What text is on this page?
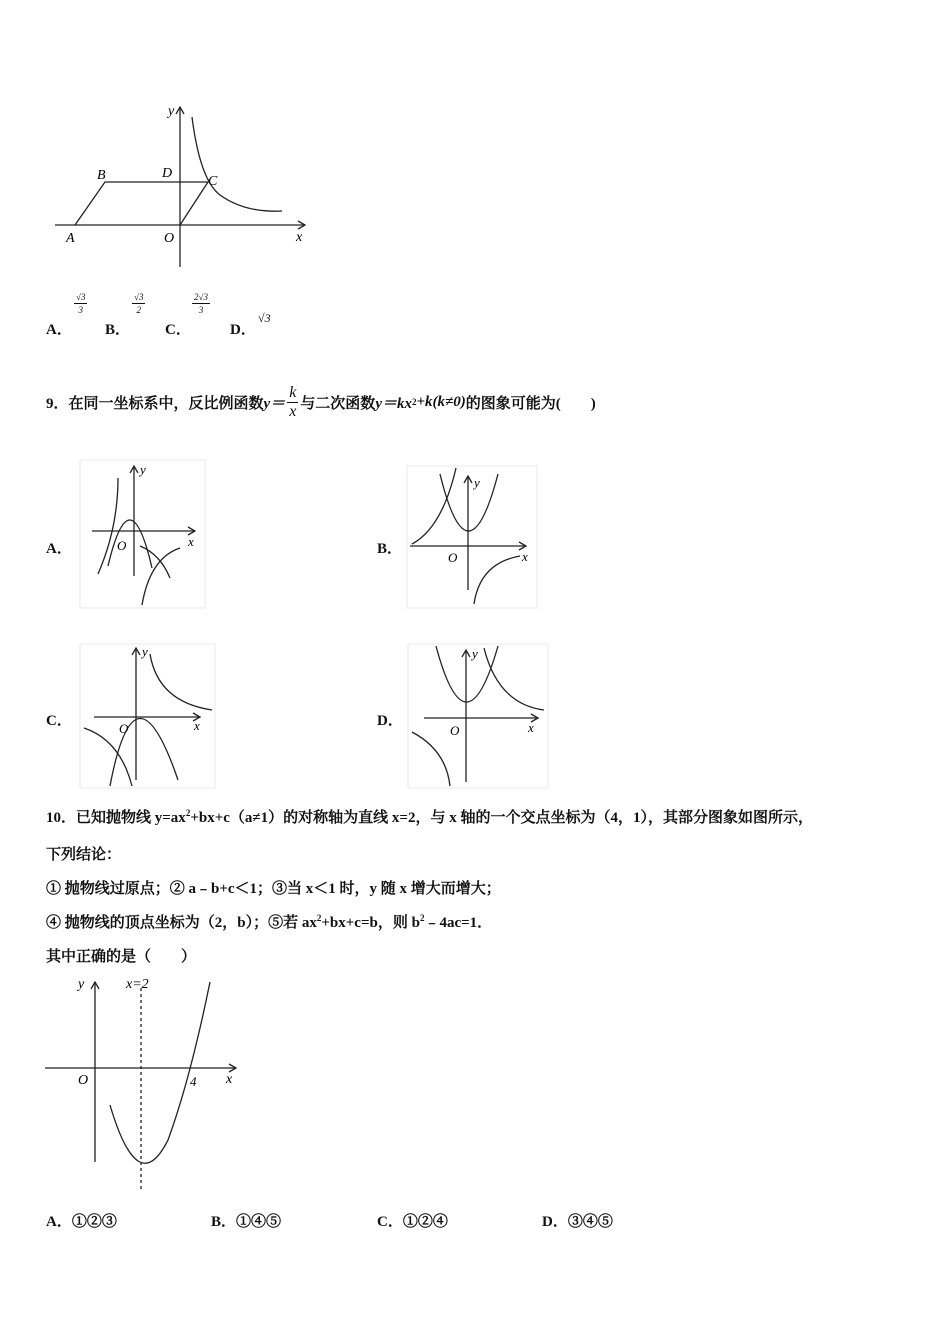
y
x
B	D
C
A	O
A．
$\frac{√3}{3}$
B．
$\frac{√3}{2}$
C．
$\frac{2√3}{3}$
D．
√3
9．在同一坐标系中，反比例函数 $y= \frac{k}{x}$ 与二次函数 y＝kx 2 +k(k≠0) 的图象可能为(　　)
A．
y
x
O	B．
y
x
O
C．
y
x
O	D．
y
x
O
10．已知抛物线 $y=ax^2+bx+c(a\ne 1)$的对称轴为直线 x=2，与 x 轴的一个交点坐标为（4，1），其部分图象如图所示，
下列结论：
① 抛物线过原点；② a﹣b+c＜1；③当 x＜1 时，y 随 x 增大而增大；
④ 抛物线的顶点坐标为（2，b）；⑤若 $ax^2+bx+c=b$，则 $b^2﹣4ac=1$．
其中正确的是（　　）
y
x
O
x=2
4
A．①②③	B．①④⑤	C．①②④	D．③④⑤
